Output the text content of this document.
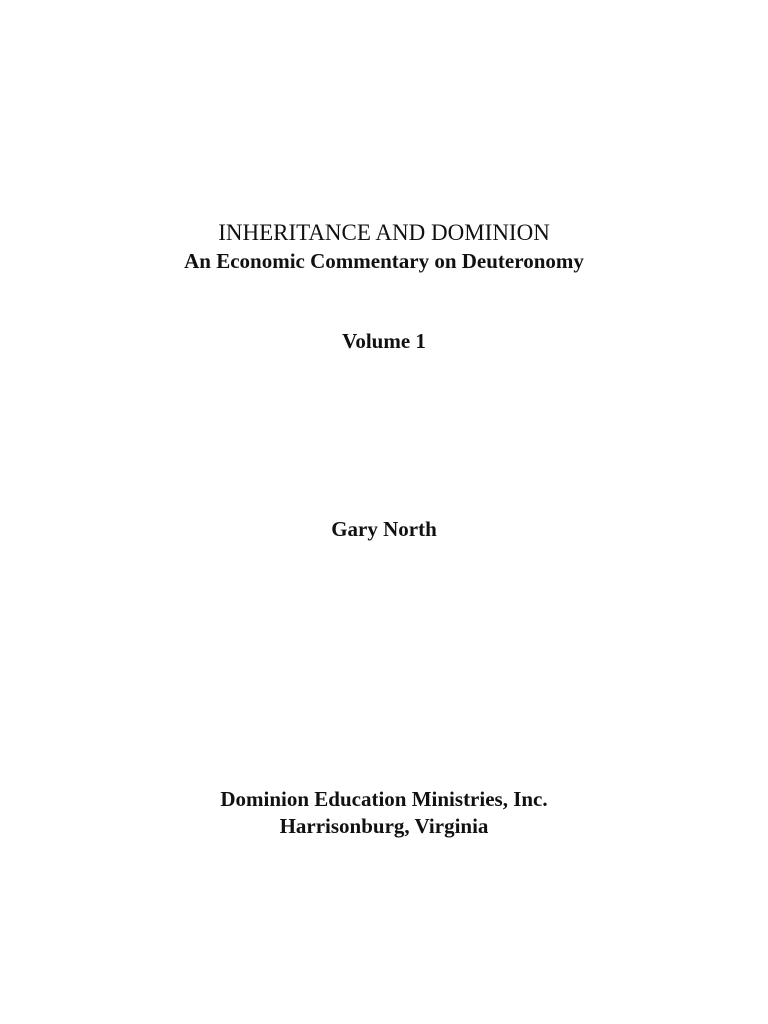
INHERITANCE AND DOMINION
An Economic Commentary on Deuteronomy
Volume 1
Gary North
Dominion Education Ministries, Inc.
Harrisonburg, Virginia
